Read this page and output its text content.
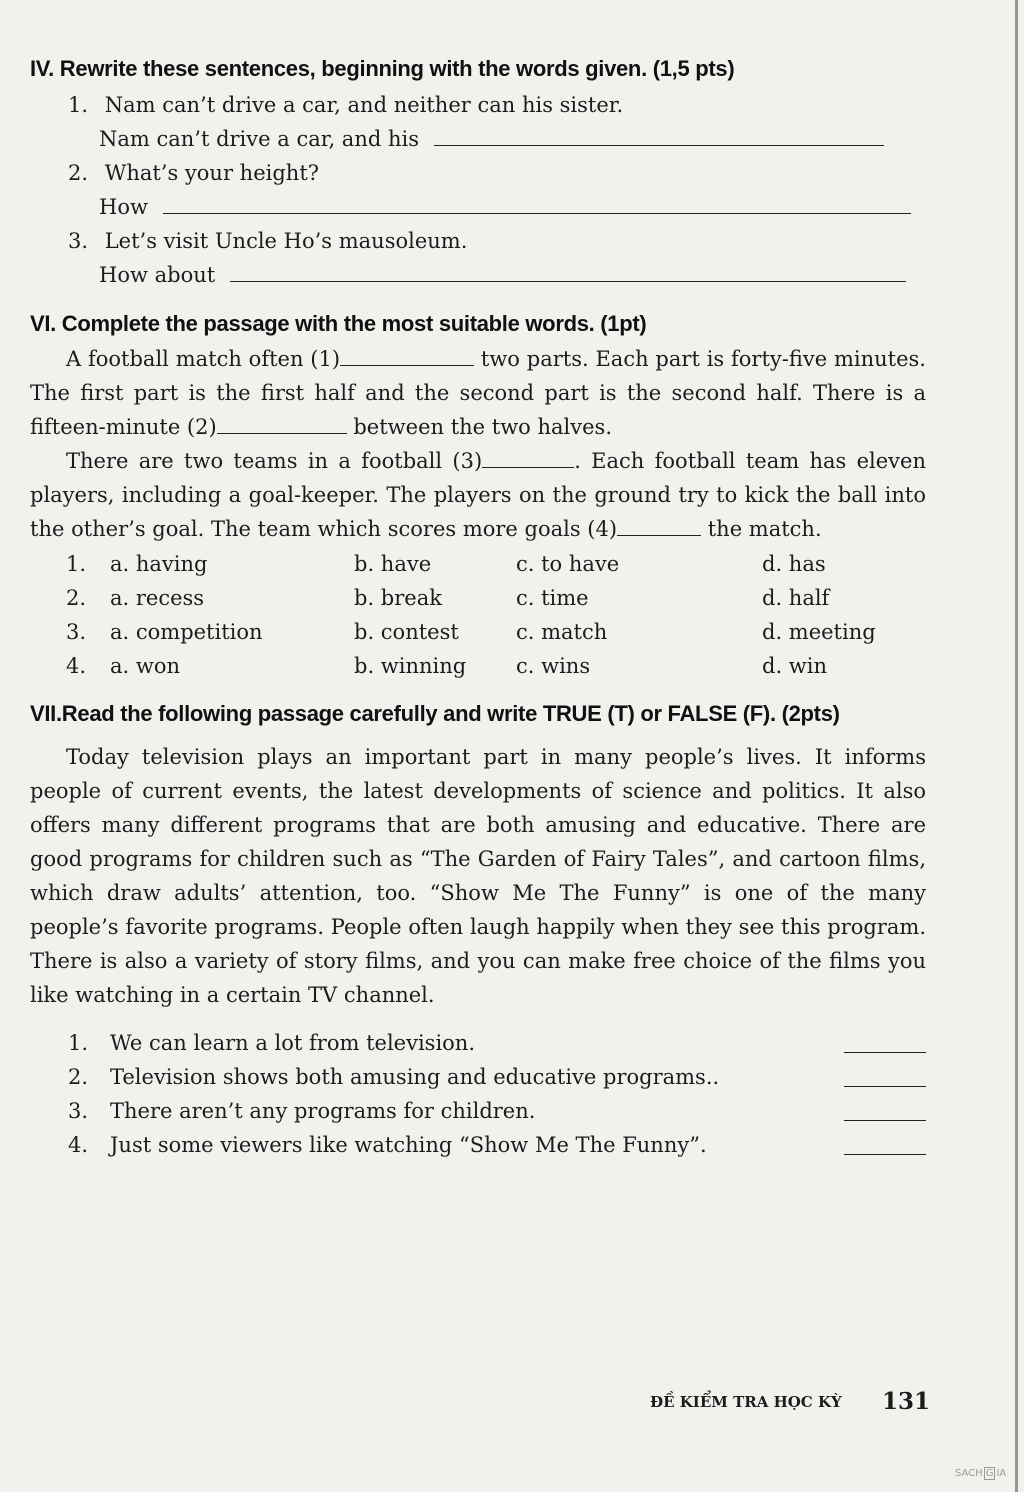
IV. Rewrite these sentences, beginning with the words given. (1,5 pts)
1. Nam can’t drive a car, and neither can his sister.
Nam can’t drive a car, and his
2. What’s your height?
How
3. Let’s visit Uncle Ho’s mausoleum.
How about
VI. Complete the passage with the most suitable words. (1pt)
A football match often (1)	two parts. Each part is forty-five minutes. The first part is the first half and the second part is the second half. There is a fifteen-minute (2)	between the two halves.
There are two teams in a football (3)	. Each football team has eleven players, including a goal-keeper. The players on the ground try to kick the ball into the other’s goal. The team which scores more goals (4)	the match.
1. a. having	b. have	c. to have	d. has
2. a. recess	b. break	c. time	d. half
3. a. competition	b. contest	c. match	d. meeting
4. a. won	b. winning c. wins	d. win
VII.Read the following passage carefully and write TRUE (T) or FALSE (F). (2pts)
Today television plays an important part in many people’s lives. It informs people of current events, the latest developments of science and politics. It also offers many different programs that are both amusing and educative. There are good programs for children such as “The Garden of Fairy Tales”, and cartoon films, which draw adults’ attention, too. “Show Me The Funny” is one of the many people’s favorite programs. People often laugh happily when they see this program. There is also a variety of story films, and you can make free choice of the films you like watching in a certain TV channel.
1. We can learn a lot from television.
2. Television shows both amusing and educative programs..
3. There aren’t any programs for children.
4. Just some viewers like watching “Show Me The Funny”.
ĐỀ KIỂM TRA HỌC KỲ 131
SACH G IA
